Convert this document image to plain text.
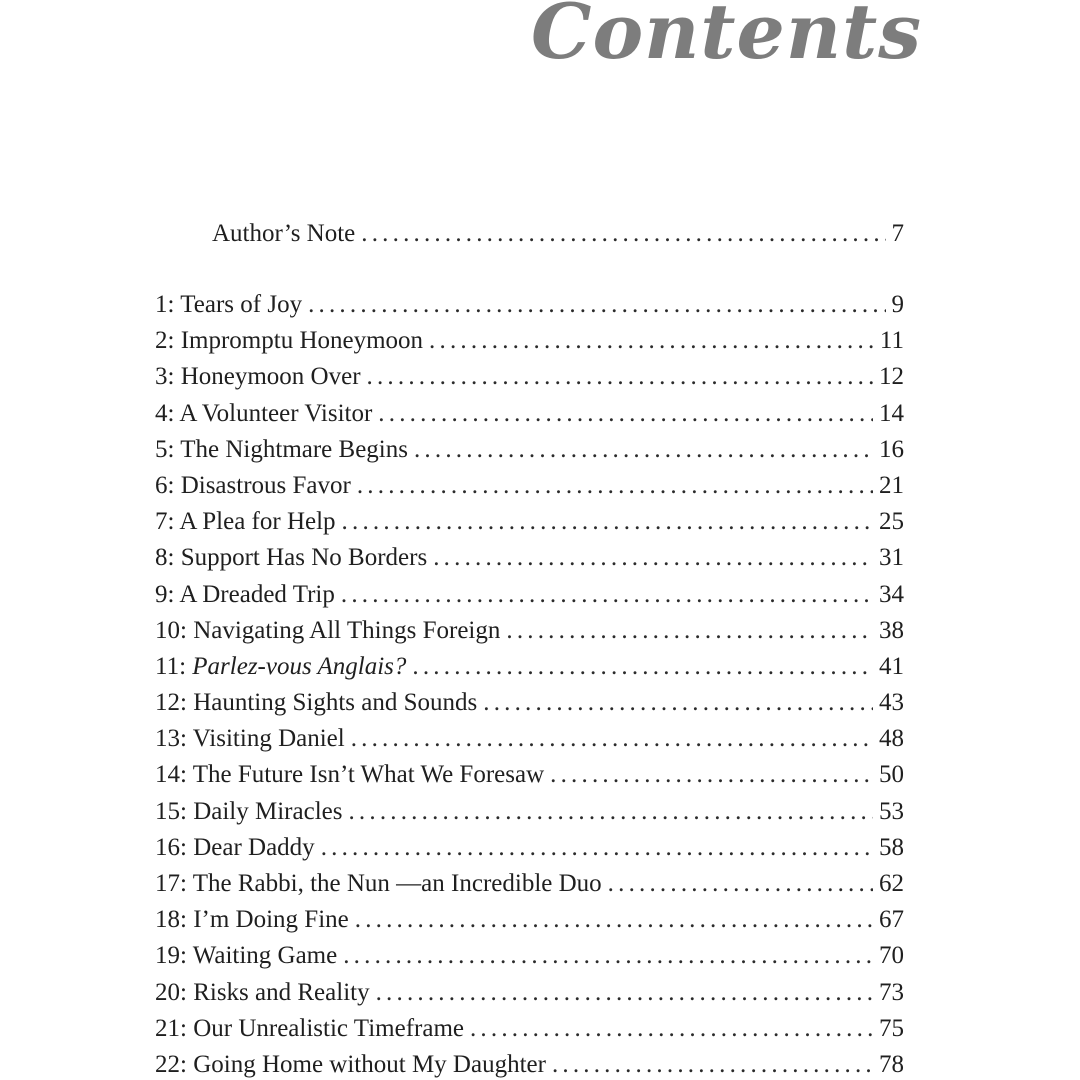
Contents
Author’s Note .....	7
1: Tears of Joy .....	9
2: Impromptu Honeymoon .....	11
3: Honeymoon Over .....	12
4: A Volunteer Visitor .....	14
5: The Nightmare Begins .....	16
6: Disastrous Favor .....	21
7: A Plea for Help .....	25
8: Support Has No Borders .....	31
9: A Dreaded Trip .....	34
10: Navigating All Things Foreign .....	38
11: Parlez-vous Anglais? .....	41
12: Haunting Sights and Sounds .....	43
13: Visiting Daniel .....	48
14: The Future Isn’t What We Foresaw .....	50
15: Daily Miracles .....	53
16: Dear Daddy .....	58
17: The Rabbi, the Nun —an Incredible Duo .....	62
18: I’m Doing Fine .....	67
19: Waiting Game .....	70
20: Risks and Reality .....	73
21: Our Unrealistic Timeframe .....	75
22: Going Home without My Daughter .....	78
